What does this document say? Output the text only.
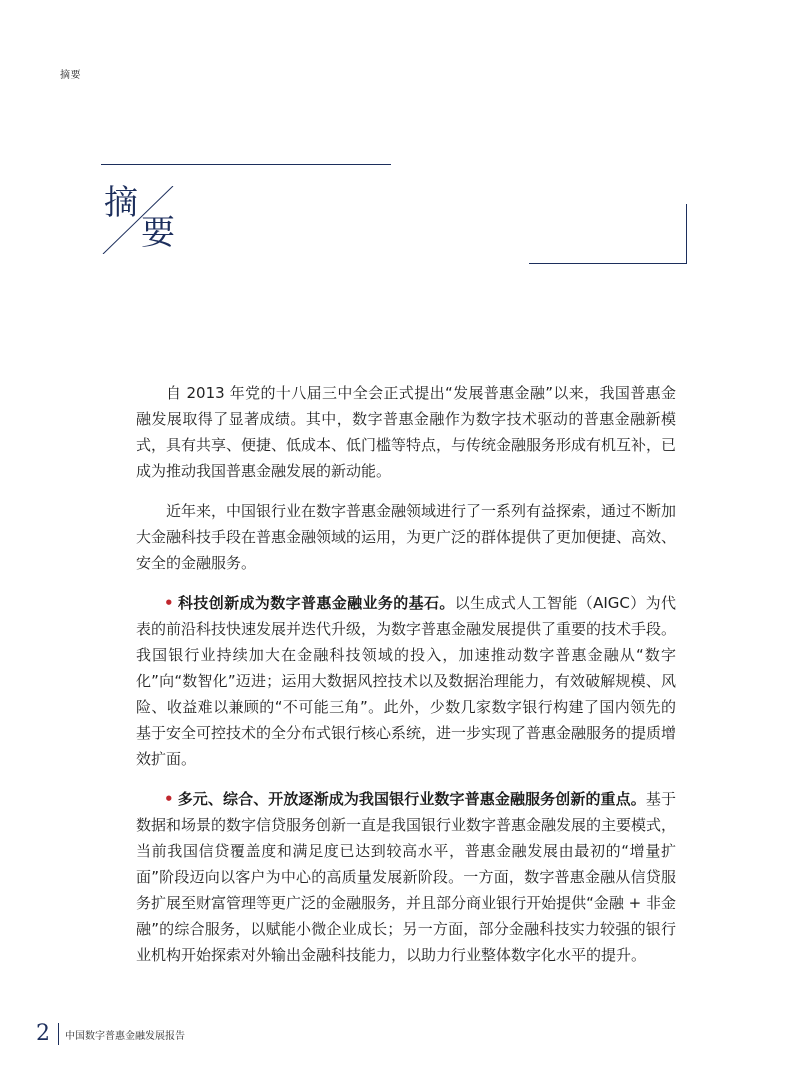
摘要
摘
要

自 2013 年党的十八届三中全会正式提出“发展普惠金融”以来，我国普惠金融发展取得了显著成绩。其中，数字普惠金融作为数字技术驱动的普惠金融新模式，具有共享、便捷、低成本、低门槛等特点，与传统金融服务形成有机互补，已成为推动我国普惠金融发展的新动能。

近年来，中国银行业在数字普惠金融领域进行了一系列有益探索，通过不断加大金融科技手段在普惠金融领域的运用，为更广泛的群体提供了更加便捷、高效、安全的金融服务。

• 科技创新成为数字普惠金融业务的基石。以生成式人工智能（AIGC）为代表的前沿科技快速发展并迭代升级，为数字普惠金融发展提供了重要的技术手段。我国银行业持续加大在金融科技领域的投入，加速推动数字普惠金融从“数字化”向“数智化”迈进；运用大数据风控技术以及数据治理能力，有效破解规模、风险、收益难以兼顾的“不可能三角”。此外，少数几家数字银行构建了国内领先的基于安全可控技术的全分布式银行核心系统，进一步实现了普惠金融服务的提质增效扩面。

• 多元、综合、开放逐渐成为我国银行业数字普惠金融服务创新的重点。基于数据和场景的数字信贷服务创新一直是我国银行业数字普惠金融发展的主要模式，当前我国信贷覆盖度和满足度已达到较高水平，普惠金融发展由最初的“增量扩面”阶段迈向以客户为中心的高质量发展新阶段。一方面，数字普惠金融从信贷服务扩展至财富管理等更广泛的金融服务，并且部分商业银行开始提供“金融 + 非金融”的综合服务，以赋能小微企业成长；另一方面，部分金融科技实力较强的银行业机构开始探索对外输出金融科技能力，以助力行业整体数字化水平的提升。

2 中国数字普惠金融发展报告
